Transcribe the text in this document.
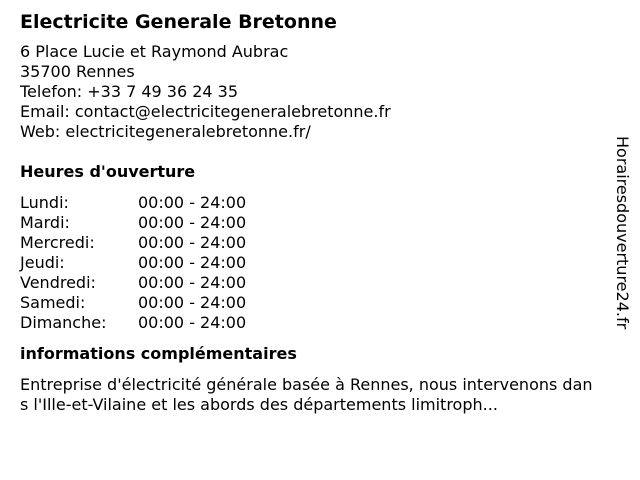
Electricite Generale Bretonne
6 Place Lucie et Raymond Aubrac
35700 Rennes
Telefon: +33 7 49 36 24 35
Email: contact@electricitegeneralebretonne.fr
Web: electricitegeneralebretonne.fr/
Heures d'ouverture
Lundi:	00:00 - 24:00
Mardi:	00:00 - 24:00
Mercredi:	00:00 - 24:00
Jeudi:	00:00 - 24:00
Vendredi:	00:00 - 24:00
Samedi:	00:00 - 24:00
Dimanche:	00:00 - 24:00
informations complémentaires
Entreprise d'électricité générale basée à Rennes, nous intervenons dans l'Ille-et-Vilaine et les abords des départements limitroph...
Horairesdouverture24.fr
